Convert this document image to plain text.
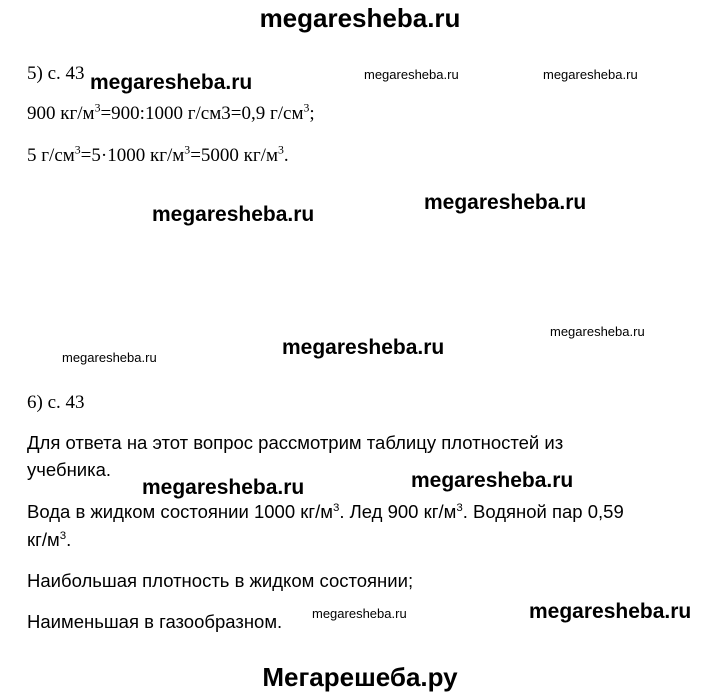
megaresheba.ru
5) с. 43
900 $кг/м^3=900:1000$ г/см3=0,9 $г/см^3$;
5 $г/см^3=5\cdot 1000$ $кг/м^3=5000$ $кг/м^3$.
6) с. 43
Для ответа на этот вопрос рассмотрим таблицу плотностей из
учебника.
Вода в жидком состоянии 1000 $кг/м^3$. Лед 900 $кг/м^3$. Водяной пар 0,59
$кг/м^3$.
Наибольшая плотность в жидком состоянии;
Наименьшая в газообразном.
megaresheba.ru	megaresheba.ru	megaresheba.ru
megaresheba.ru
megaresheba.ru
megaresheba.ru
megaresheba.ru
megaresheba.ru
megaresheba.ru
megaresheba.ru
megaresheba.ru	megaresheba.ru
Мегарешеба.ру
